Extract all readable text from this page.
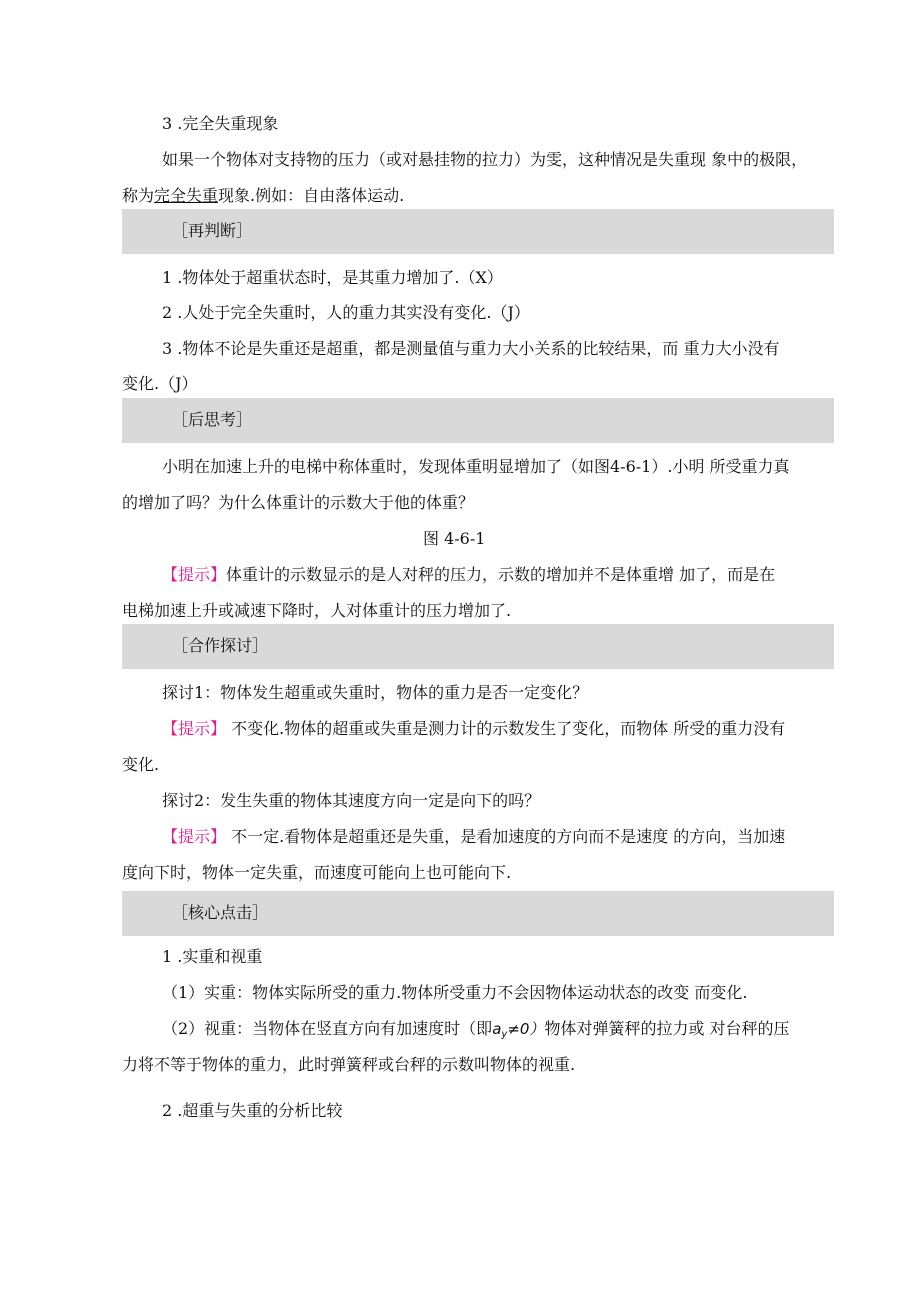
3 .完全失重现象
如果一个物体对支持物的压力（或对悬挂物的拉力）为雯，这种情况是失重现 象中的极限，
称为完全失重现象.例如：自由落体运动.
［再判断］
1 .物体处于超重状态时，是其重力增加了.（X）
2 .人处于完全失重时，人的重力其实没有变化.（J）
3 .物体不论是失重还是超重，都是测量值与重力大小关系的比较结果，而 重力大小没有
变化.（J）
［后思考］
小明在加速上升的电梯中称体重时，发现体重明显增加了（如图4-6-1）.小明 所受重力真
的增加了吗？为什么体重计的示数大于他的体重？
图 4-6-1
【提示】体重计的示数显示的是人对秤的压力，示数的增加并不是体重增 加了，而是在
电梯加速上升或减速下降时，人对体重计的压力增加了.
［合作探讨］
探讨1：物体发生超重或失重时，物体的重力是否一定变化？
【提示】 不变化.物体的超重或失重是测力计的示数发生了变化，而物体 所受的重力没有
变化.
探讨2：发生失重的物体其速度方向一定是向下的吗？
【提示】 不一定.看物体是超重还是失重，是看加速度的方向而不是速度 的方向，当加速
度向下时，物体一定失重，而速度可能向上也可能向下.
［核心点击］
1 .实重和视重
（1）实重：物体实际所受的重力.物体所受重力不会因物体运动状态的改变 而变化.
（2）视重：当物体在竖直方向有加速度时（即$a_y\ne 0$）物体对弹簧秤的拉力或 对台秤的压
力将不等于物体的重力，此时弹簧秤或台秤的示数叫物体的视重.
2 .超重与失重的分析比较
